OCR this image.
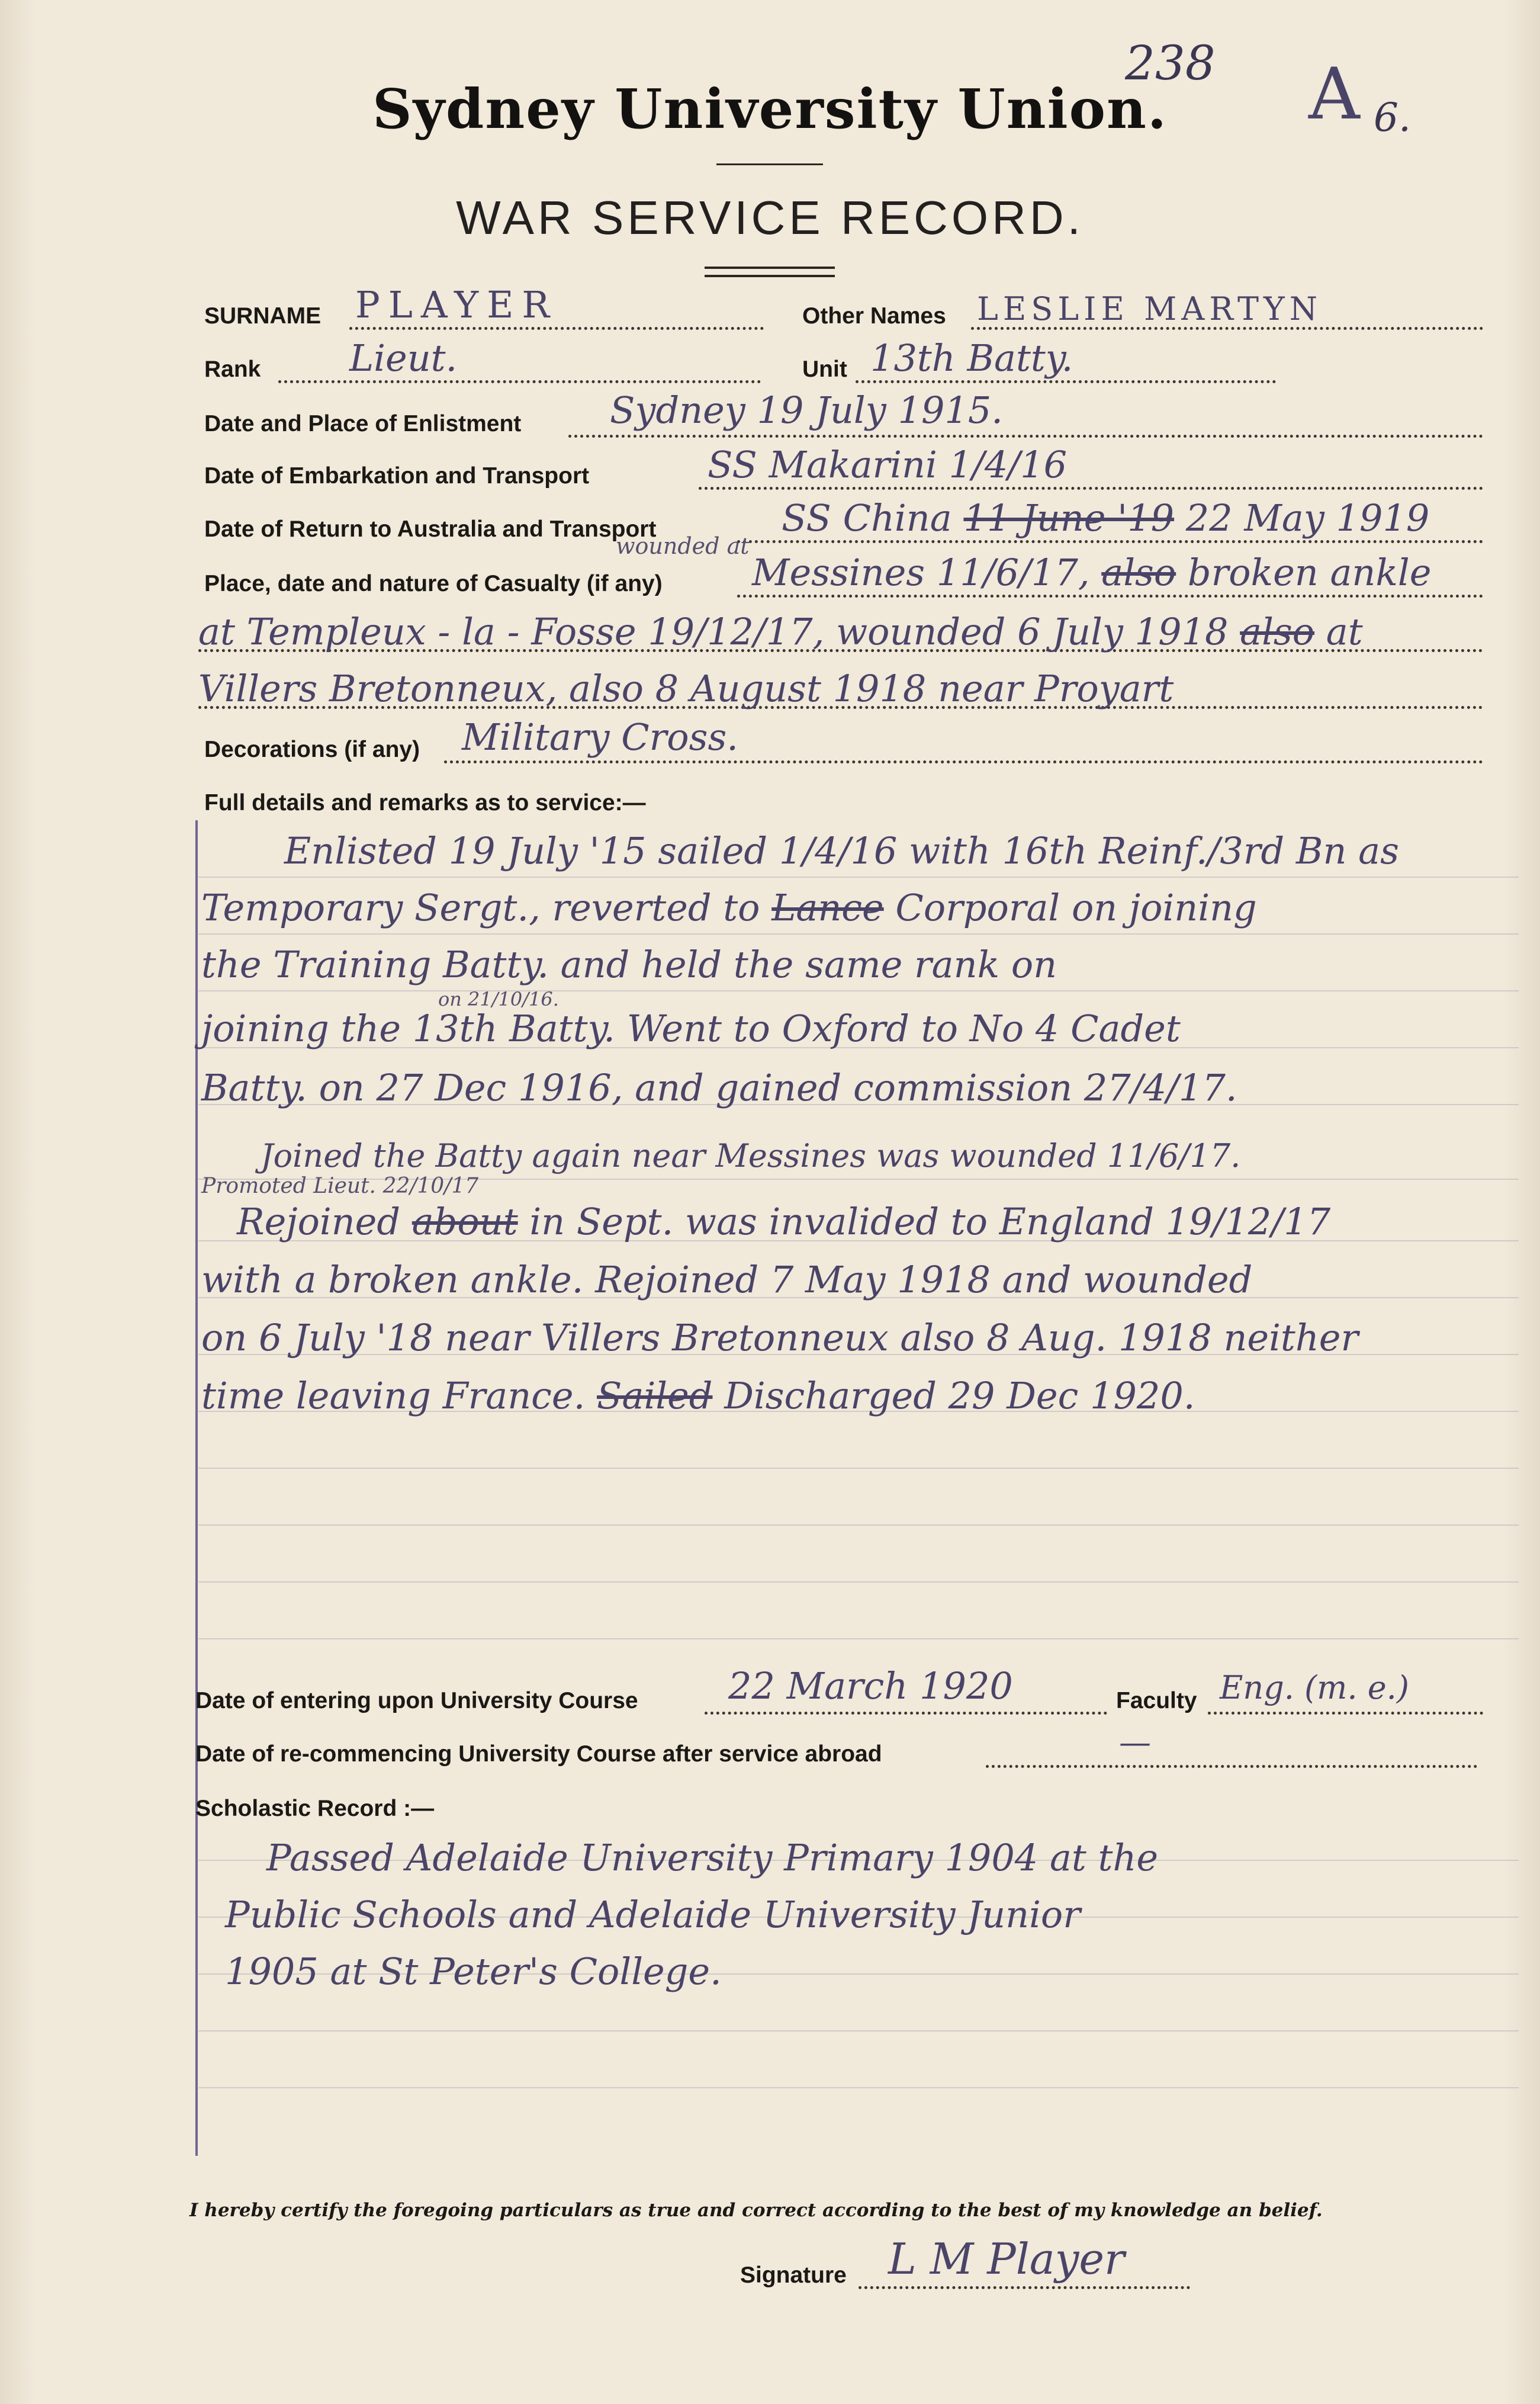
238 A 6.
Sydney University Union.
WAR SERVICE RECORD.
SURNAME PLAYER	Other Names LESLIE MARTYN
Rank Lieut.	Unit 13th Batty.
Date and Place of Enlistment Sydney 19 July 1915.
Date of Embarkation and Transport	SS Makarini 1/4/16
Date of Return to Australia and Transport	SS China 11 June '19 22 May 1919
wounded at
Place, date and nature of Casualty (if any) Messines 11/6/17, also broken ankle
at Templeux - la - Fosse 19/12/17, wounded 6 July 1918 also at
Villers Bretonneux, also 8 August 1918 near Proyart
Decorations (if any) Military Cross.
Full details and remarks as to service:—
Enlisted 19 July '15 sailed 1/4/16 with 16th Reinf./3rd Bn as
Temporary Sergt., reverted to Lance Corporal on joining
the Training Batty. and held the same rank on
on 21/10/16.
joining the 13th Batty. Went to Oxford to No 4 Cadet
Batty. on 27 Dec 1916, and gained commission 27/4/17.
Joined the Batty again near Messines was wounded 11/6/17.
Promoted Lieut. 22/10/17
Rejoined about in Sept. was invalided to England 19/12/17
with a broken ankle. Rejoined 7 May 1918 and wounded
on 6 July '18 near Villers Bretonneux also 8 Aug. 1918 neither
time leaving France. Sailed Discharged 29 Dec 1920.
Date of entering upon University Course 22 March 1920	Faculty Eng. (m. e.)
Date of re-commencing University Course after service abroad	—
Scholastic Record :—
Passed Adelaide University Primary 1904 at the
Public Schools and Adelaide University Junior
1905 at St Peter's College.
I hereby certify the foregoing particulars as true and correct according to the best of my knowledge an belief.
Signature L M Player
